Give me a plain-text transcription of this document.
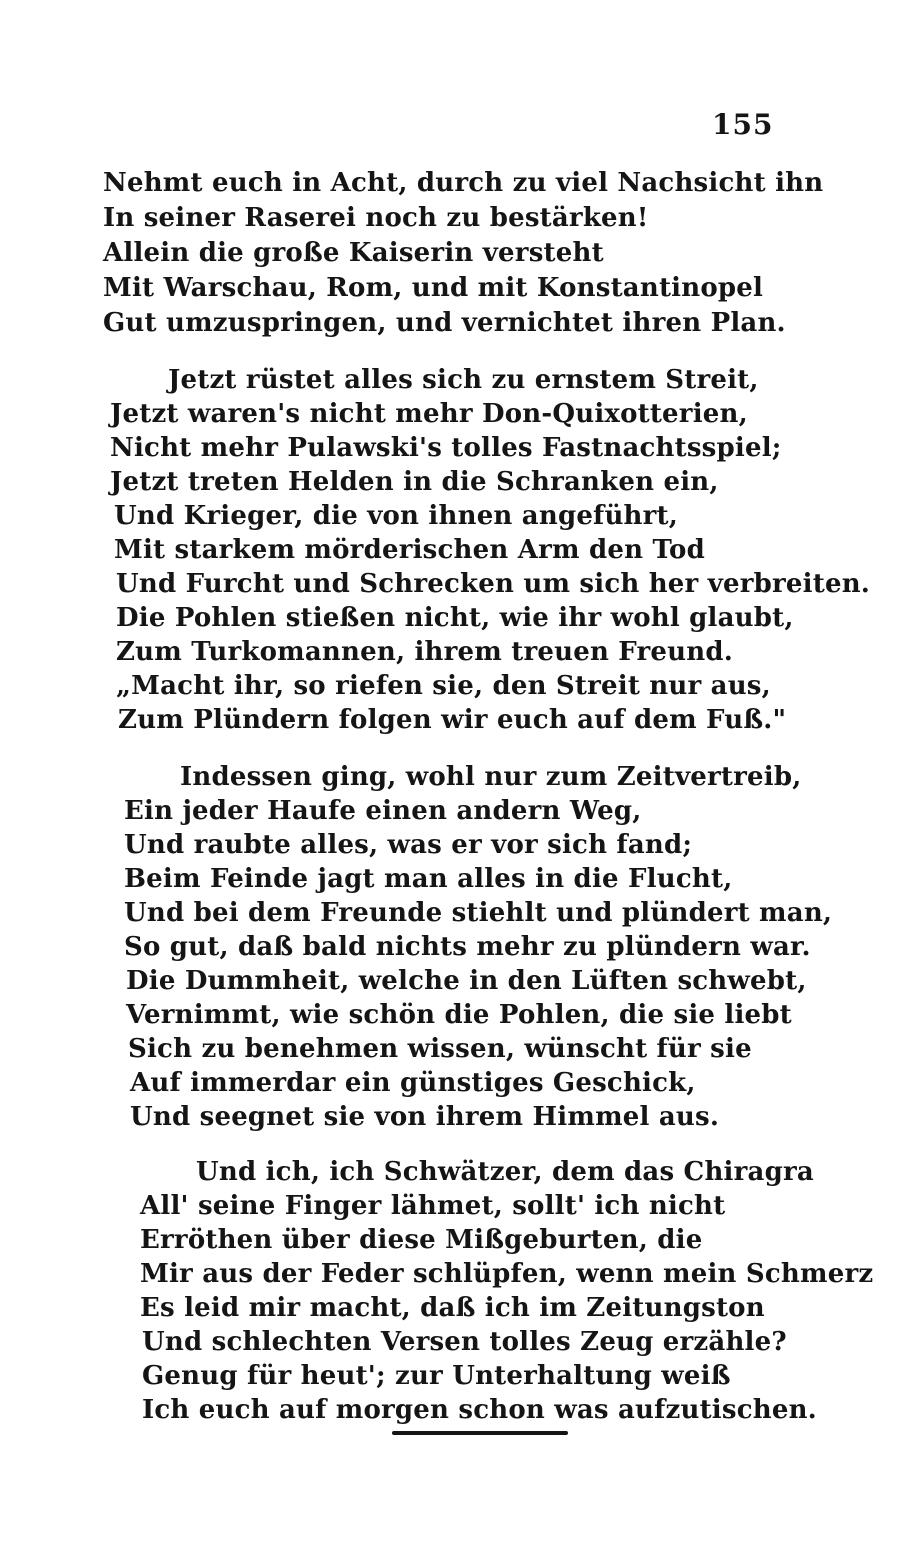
155
Nehmt euch in Acht, durch zu viel Nachsicht ihn
In seiner Raserei noch zu bestärken!
Allein die große Kaiserin versteht
Mit Warschau, Rom, und mit Konstantinopel
Gut umzuspringen, und vernichtet ihren Plan.
Jetzt rüstet alles sich zu ernstem Streit,
Jetzt waren's nicht mehr Don-Quixotterien,
Nicht mehr Pulawski's tolles Fastnachtsspiel;
Jetzt treten Helden in die Schranken ein,
Und Krieger, die von ihnen angeführt,
Mit starkem mörderischen Arm den Tod
Und Furcht und Schrecken um sich her verbreiten.
Die Pohlen stießen nicht, wie ihr wohl glaubt,
Zum Turkomannen, ihrem treuen Freund.
„Macht ihr, so riefen sie, den Streit nur aus,
Zum Plündern folgen wir euch auf dem Fuß."
Indessen ging, wohl nur zum Zeitvertreib,
Ein jeder Haufe einen andern Weg,
Und raubte alles, was er vor sich fand;
Beim Feinde jagt man alles in die Flucht,
Und bei dem Freunde stiehlt und plündert man,
So gut, daß bald nichts mehr zu plündern war.
Die Dummheit, welche in den Lüften schwebt,
Vernimmt, wie schön die Pohlen, die sie liebt
Sich zu benehmen wissen, wünscht für sie
Auf immerdar ein günstiges Geschick,
Und seegnet sie von ihrem Himmel aus.
Und ich, ich Schwätzer, dem das Chiragra
All' seine Finger lähmet, sollt' ich nicht
Erröthen über diese Mißgeburten, die
Mir aus der Feder schlüpfen, wenn mein Schmerz
Es leid mir macht, daß ich im Zeitungston
Und schlechten Versen tolles Zeug erzähle?
Genug für heut'; zur Unterhaltung weiß
Ich euch auf morgen schon was aufzutischen.
